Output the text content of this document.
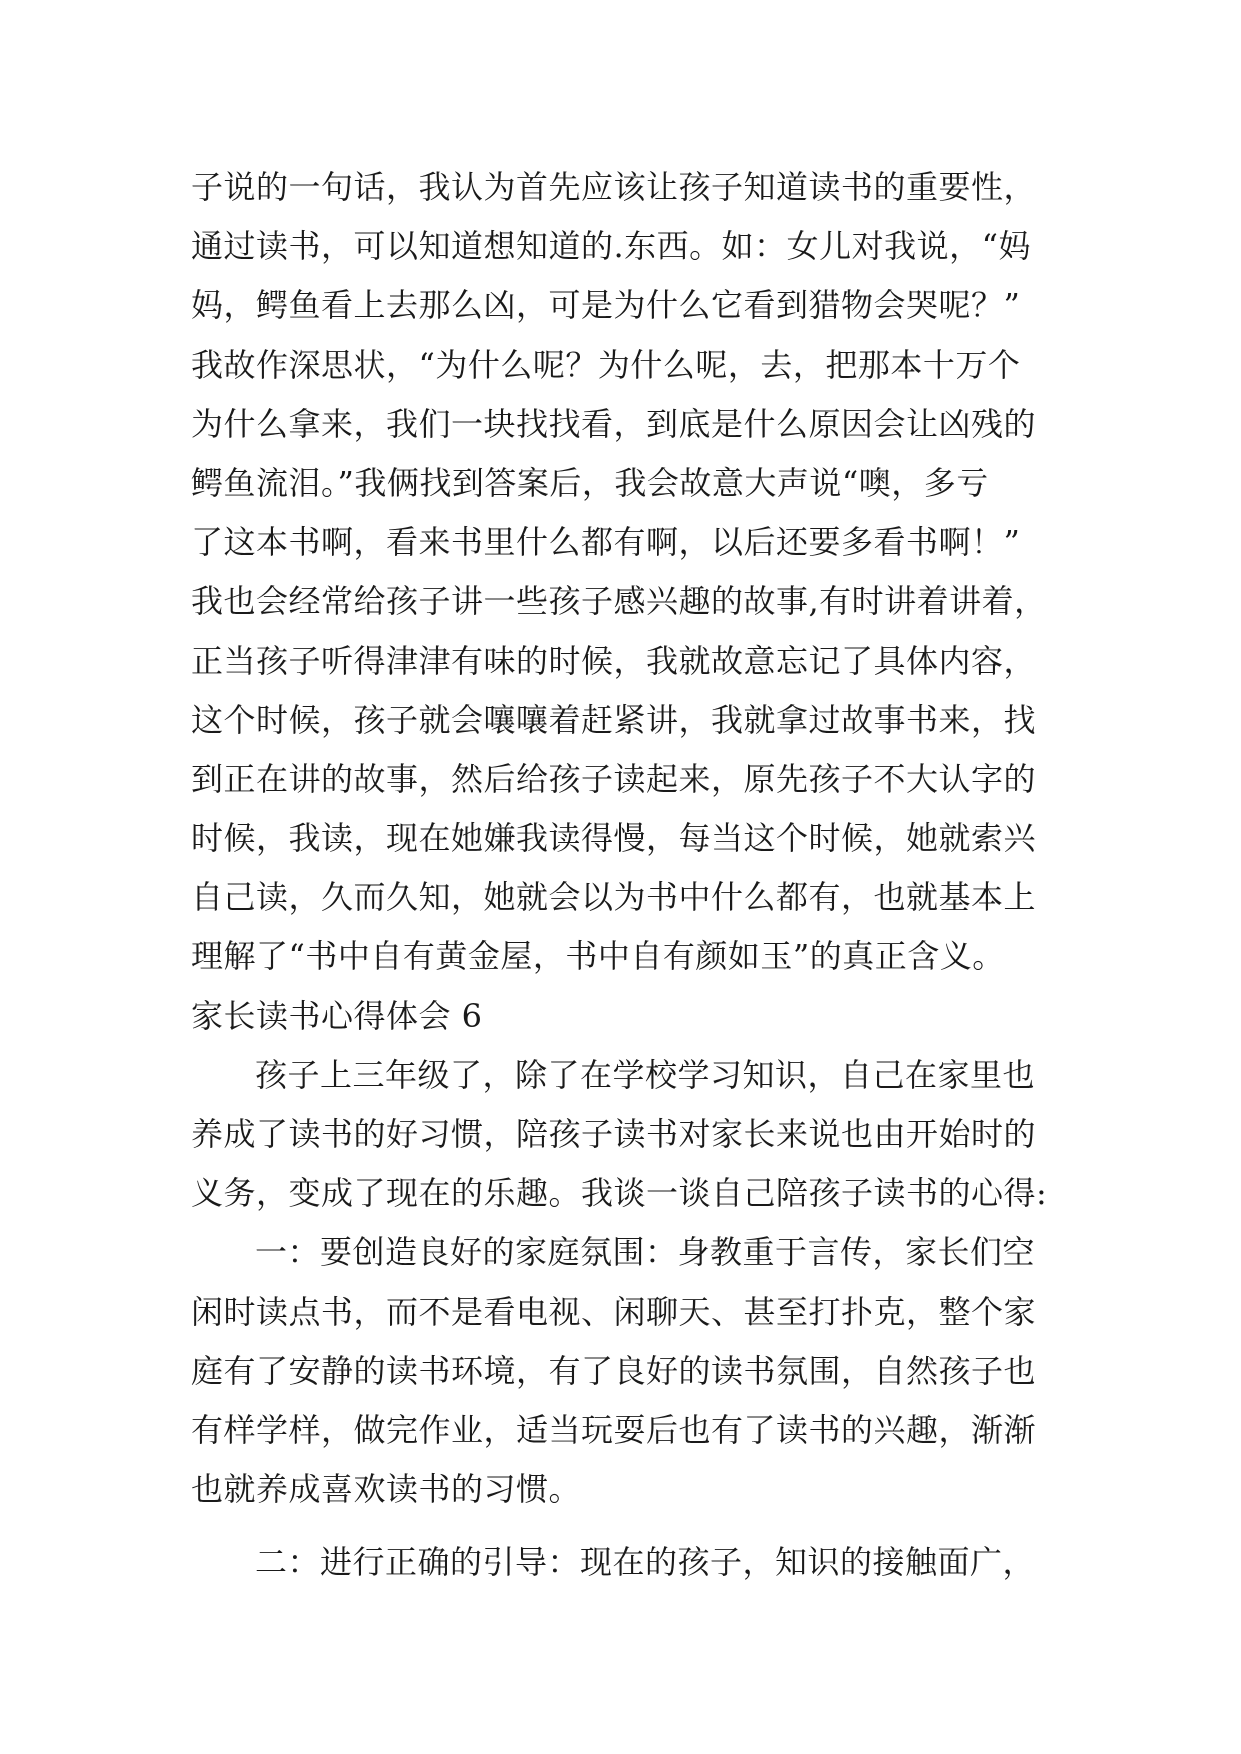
子说的一句话，我认为首先应该让孩子知道读书的重要性，
通过读书，可以知道想知道的.东西。如：女儿对我说，“妈
妈，鳄鱼看上去那么凶，可是为什么它看到猎物会哭呢？”
我故作深思状，“为什么呢？为什么呢，去，把那本十万个
为什么拿来，我们一块找找看，到底是什么原因会让凶残的
鳄鱼流泪。”我俩找到答案后，我会故意大声说“噢，多亏
了这本书啊，看来书里什么都有啊，以后还要多看书啊！”
我也会经常给孩子讲一些孩子感兴趣的故事,有时讲着讲着，
正当孩子听得津津有味的时候，我就故意忘记了具体内容，
这个时候，孩子就会嚷嚷着赶紧讲，我就拿过故事书来，找
到正在讲的故事，然后给孩子读起来，原先孩子不大认字的
时候，我读，现在她嫌我读得慢，每当这个时候，她就索兴
自己读，久而久知，她就会以为书中什么都有，也就基本上
理解了“书中自有黄金屋，书中自有颜如玉”的真正含义。
家长读书心得体会 6
孩子上三年级了，除了在学校学习知识，自己在家里也
养成了读书的好习惯，陪孩子读书对家长来说也由开始时的
义务，变成了现在的乐趣。我谈一谈自己陪孩子读书的心得:
一：要创造良好的家庭氛围：身教重于言传，家长们空
闲时读点书，而不是看电视、闲聊天、甚至打扑克，整个家
庭有了安静的读书环境，有了良好的读书氛围，自然孩子也
有样学样，做完作业，适当玩耍后也有了读书的兴趣，渐渐
也就养成喜欢读书的习惯。
二：进行正确的引导：现在的孩子，知识的接触面广，
